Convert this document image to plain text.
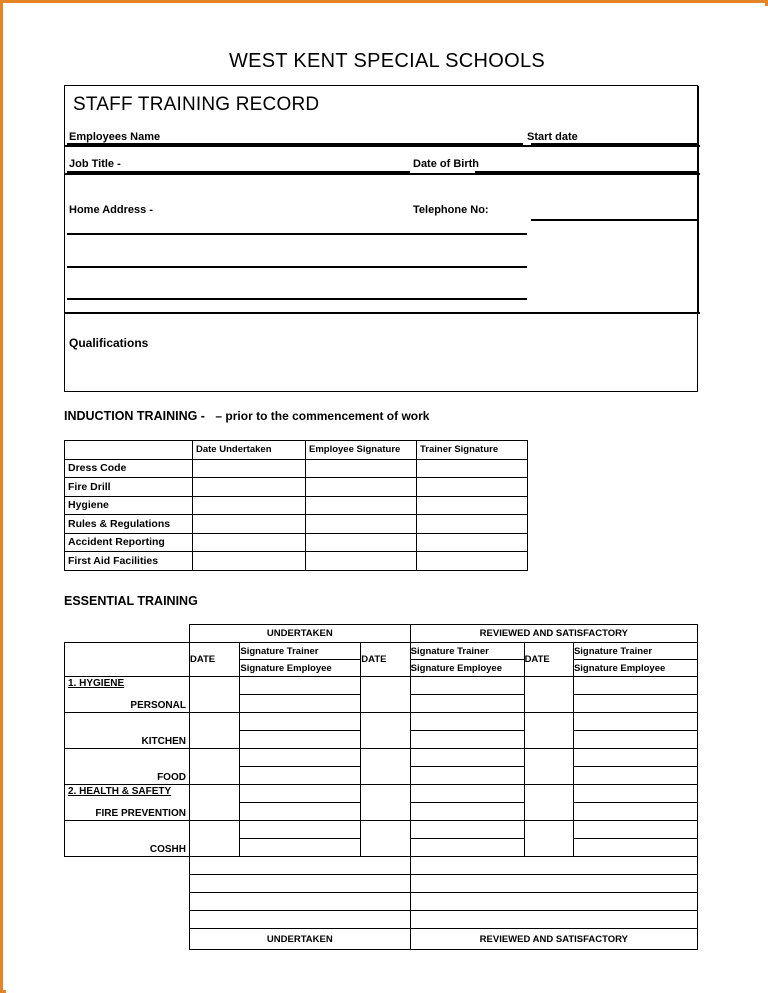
WEST KENT SPECIAL SCHOOLS
STAFF TRAINING RECORD
Employees Name	Start date
Job Title -	Date of Birth
Home Address -	Telephone No:
Qualifications
INDUCTION TRAINING - – prior to the commencement of work
	Date Undertaken	Employee Signature	Trainer Signature
Dress Code			
Fire Drill			
Hygiene			
Rules & Regulations			
Accident Reporting			
First Aid Facilities			
ESSENTIAL TRAINING
	UNDERTAKEN			REVIEWED AND SATISFACTORY		
	DATE	Signature Trainer	DATE	Signature Trainer	DATE	Signature Trainer
		Signature Employee		Signature Employee		Signature Employee

1. HYGIENE
PERSONAL						

KITCHEN						

FOOD						

2. HEALTH & SAFETY
FIRE PREVENTION						

COSHH						

	UNDERTAKEN			REVIEWED AND SATISFACTORY		
